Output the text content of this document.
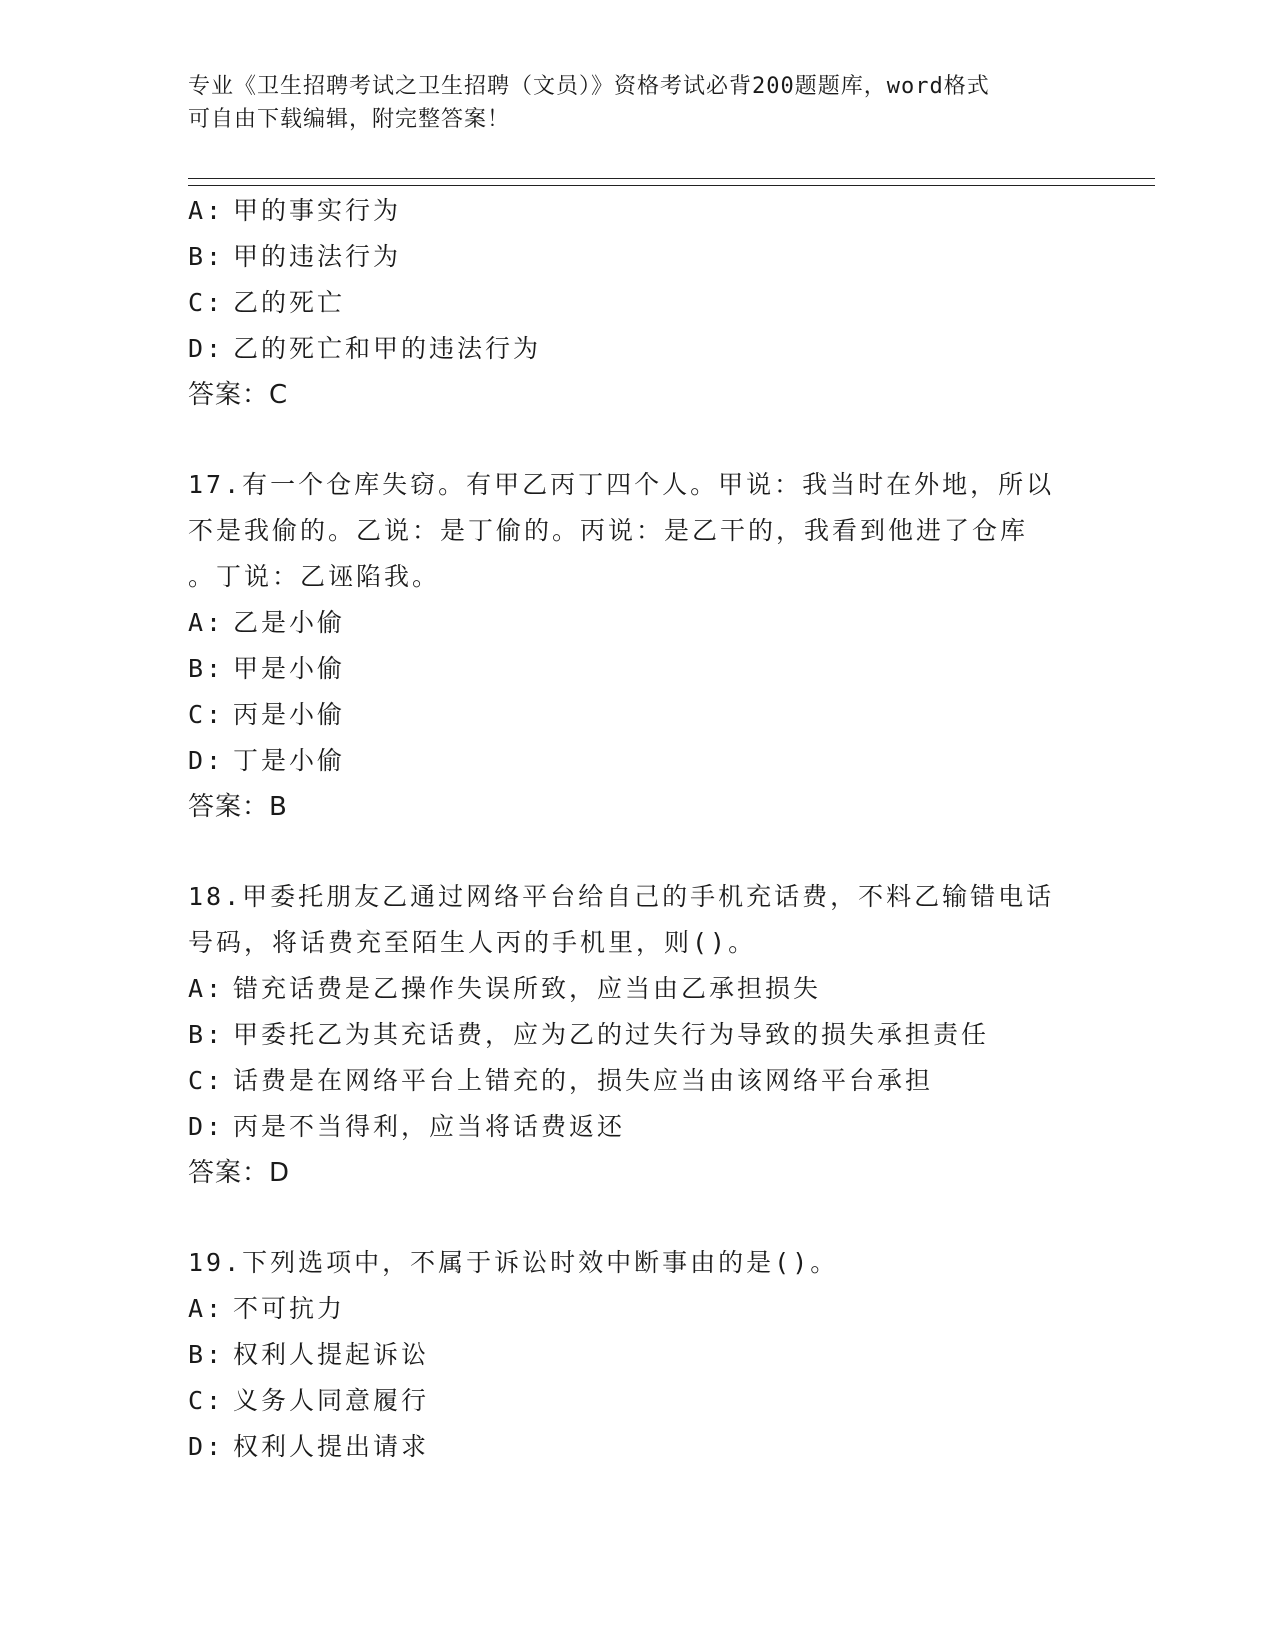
专业《卫生招聘考试之卫生招聘（文员）》资格考试必背200题题库，word格式
可自由下载编辑，附完整答案！
A: 甲的事实行为
B: 甲的违法行为
C: 乙的死亡
D: 乙的死亡和甲的违法行为
答案：C
17.有一个仓库失窃。有甲乙丙丁四个人。甲说：我当时在外地，所以
不是我偷的。乙说：是丁偷的。丙说：是乙干的，我看到他进了仓库
。丁说：乙诬陷我。
A: 乙是小偷
B: 甲是小偷
C: 丙是小偷
D: 丁是小偷
答案：B
18.甲委托朋友乙通过网络平台给自己的手机充话费，不料乙输错电话
号码，将话费充至陌生人丙的手机里，则()。
A: 错充话费是乙操作失误所致，应当由乙承担损失
B: 甲委托乙为其充话费，应为乙的过失行为导致的损失承担责任
C: 话费是在网络平台上错充的，损失应当由该网络平台承担
D: 丙是不当得利，应当将话费返还
答案：D
19.下列选项中，不属于诉讼时效中断事由的是()。
A: 不可抗力
B: 权利人提起诉讼
C: 义务人同意履行
D: 权利人提出请求
